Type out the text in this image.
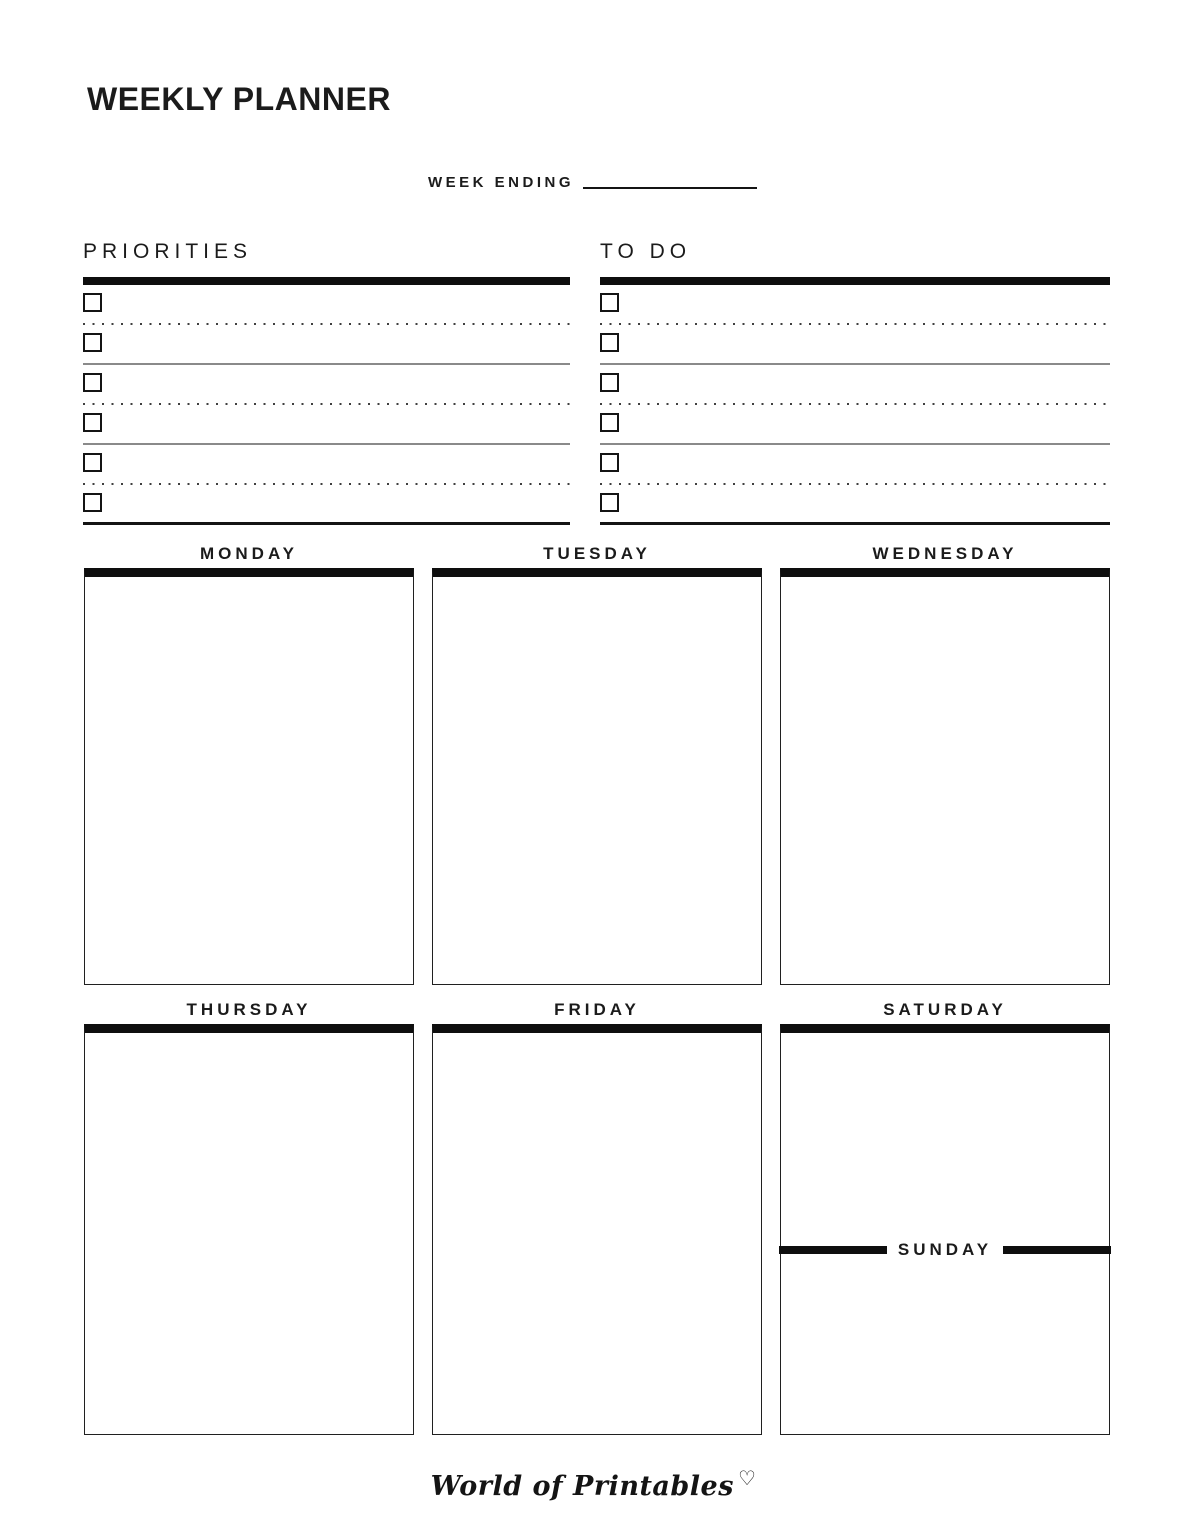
WEEKLY PLANNER
WEEK ENDING
PRIORITIES	TO DO
MONDAY	TUESDAY	WEDNESDAY
THURSDAY	FRIDAY	SATURDAY
SUNDAY
World of Printables ♡
